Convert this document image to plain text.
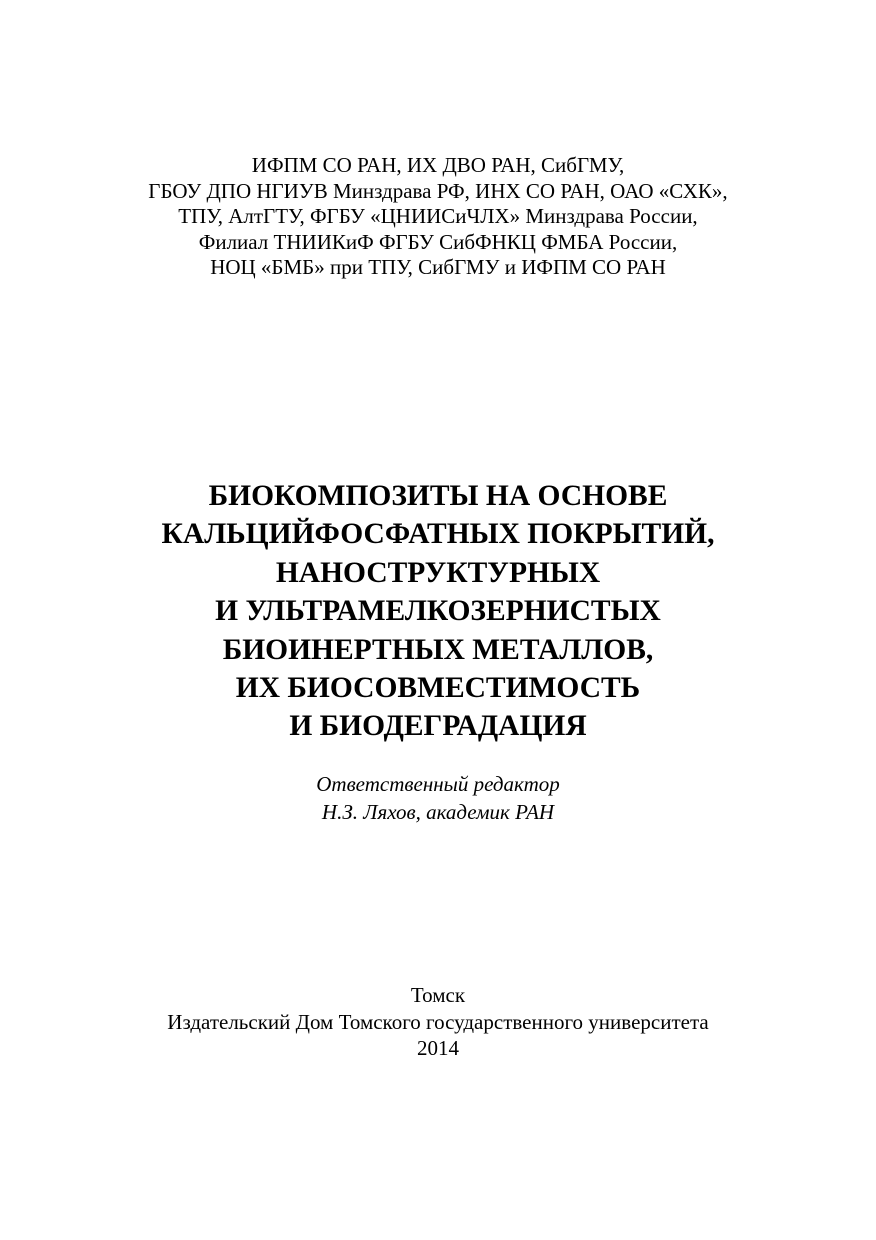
ИФПМ СО РАН, ИХ ДВО РАН, СибГМУ,
ГБОУ ДПО НГИУВ Минздрава РФ, ИНХ СО РАН, ОАО «СХК»,
ТПУ, АлтГТУ, ФГБУ «ЦНИИСиЧЛХ» Минздрава России,
Филиал ТНИИКиФ ФГБУ СибФНКЦ ФМБА России,
НОЦ «БМБ» при ТПУ, СибГМУ и ИФПМ СО РАН
БИОКОМПОЗИТЫ НА ОСНОВЕ
КАЛЬЦИЙФОСФАТНЫХ ПОКРЫТИЙ,
НАНОСТРУКТУРНЫХ
И УЛЬТРАМЕЛКОЗЕРНИСТЫХ
БИОИНЕРТНЫХ МЕТАЛЛОВ,
ИХ БИОСОВМЕСТИМОСТЬ
И БИОДЕГРАДАЦИЯ
Ответственный редактор
Н.З. Ляхов, академик РАН
Томск
Издательский Дом Томского государственного университета
2014
